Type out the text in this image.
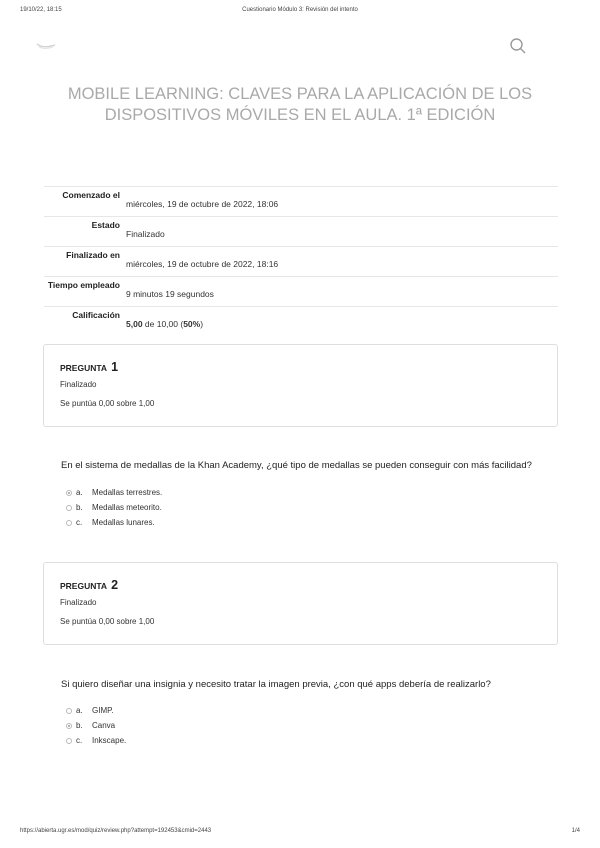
19/10/22, 18:15	Cuestionario Módulo 3: Revisión del intento
MOBILE LEARNING: CLAVES PARA LA APLICACIÓN DE LOS DISPOSITIVOS MÓVILES EN EL AULA. 1ª EDICIÓN
Comenzado el	miércoles, 19 de octubre de 2022, 18:06
Estado	Finalizado
Finalizado en	miércoles, 19 de octubre de 2022, 18:16
Tiempo empleado	9 minutos 19 segundos
Calificación	5,00 de 10,00 (50%)
PREGUNTA 1
Finalizado
Se puntúa 0,00 sobre 1,00
En el sistema de medallas de la Khan Academy, ¿qué tipo de medallas se pueden conseguir con más facilidad?
a.	Medallas terrestres.
b.	Medallas meteorito.
c.	Medallas lunares.
PREGUNTA 2
Finalizado
Se puntúa 0,00 sobre 1,00
Si quiero diseñar una insignia y necesito tratar la imagen previa, ¿con qué apps debería de realizarlo?
a.	GIMP.
b.	Canva
c.	Inkscape.
https://abierta.ugr.es/mod/quiz/review.php?attempt=192453&cmid=2443	1/4
